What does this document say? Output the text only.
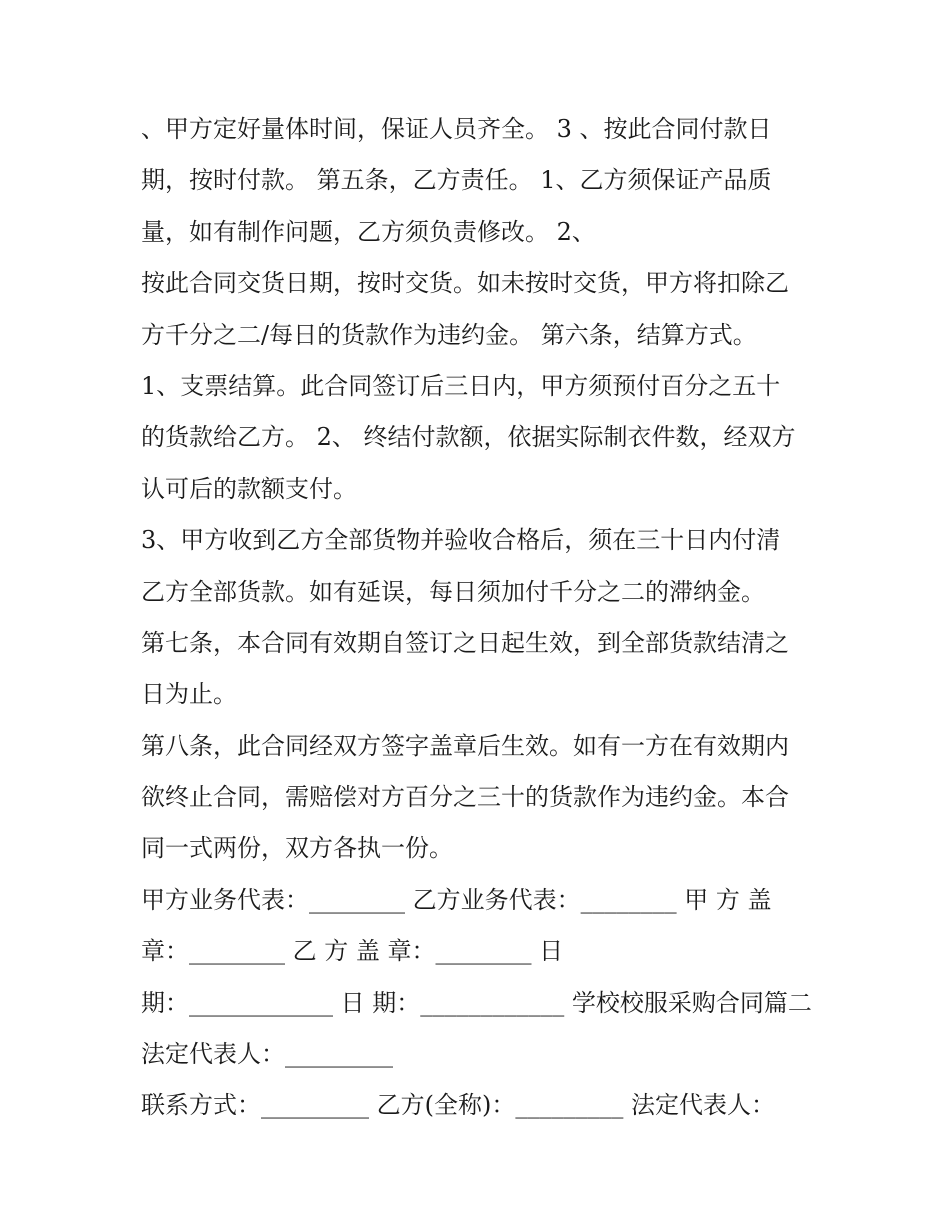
、甲方定好量体时间，保证人员齐全。 3 、按此合同付款日
期，按时付款。 第五条，乙方责任。 1、乙方须保证产品质
量，如有制作问题，乙方须负责修改。 2、
按此合同交货日期，按时交货。如未按时交货，甲方将扣除乙
方千分之二/每日的货款作为违约金。 第六条，结算方式。
1、支票结算。此合同签订后三日内，甲方须预付百分之五十
的货款给乙方。 2、 终结付款额，依据实际制衣件数，经双方
认可后的款额支付。
3、甲方收到乙方全部货物并验收合格后，须在三十日内付清
乙方全部货款。如有延误，每日须加付千分之二的滞纳金。
第七条，本合同有效期自签订之日起生效，到全部货款结清之
日为止。
第八条，此合同经双方签字盖章后生效。如有一方在有效期内
欲终止合同，需赔偿对方百分之三十的货款作为违约金。本合
同一式两份，双方各执一份。
甲方业务代表：________ 乙方业务代表：________ 甲 方 盖
章：________ 乙 方 盖 章：________ 日
期：____________ 日 期：____________ 学校校服采购合同篇二
法定代表人：_________
联系方式：_________ 乙方(全称)：_________ 法定代表人：
